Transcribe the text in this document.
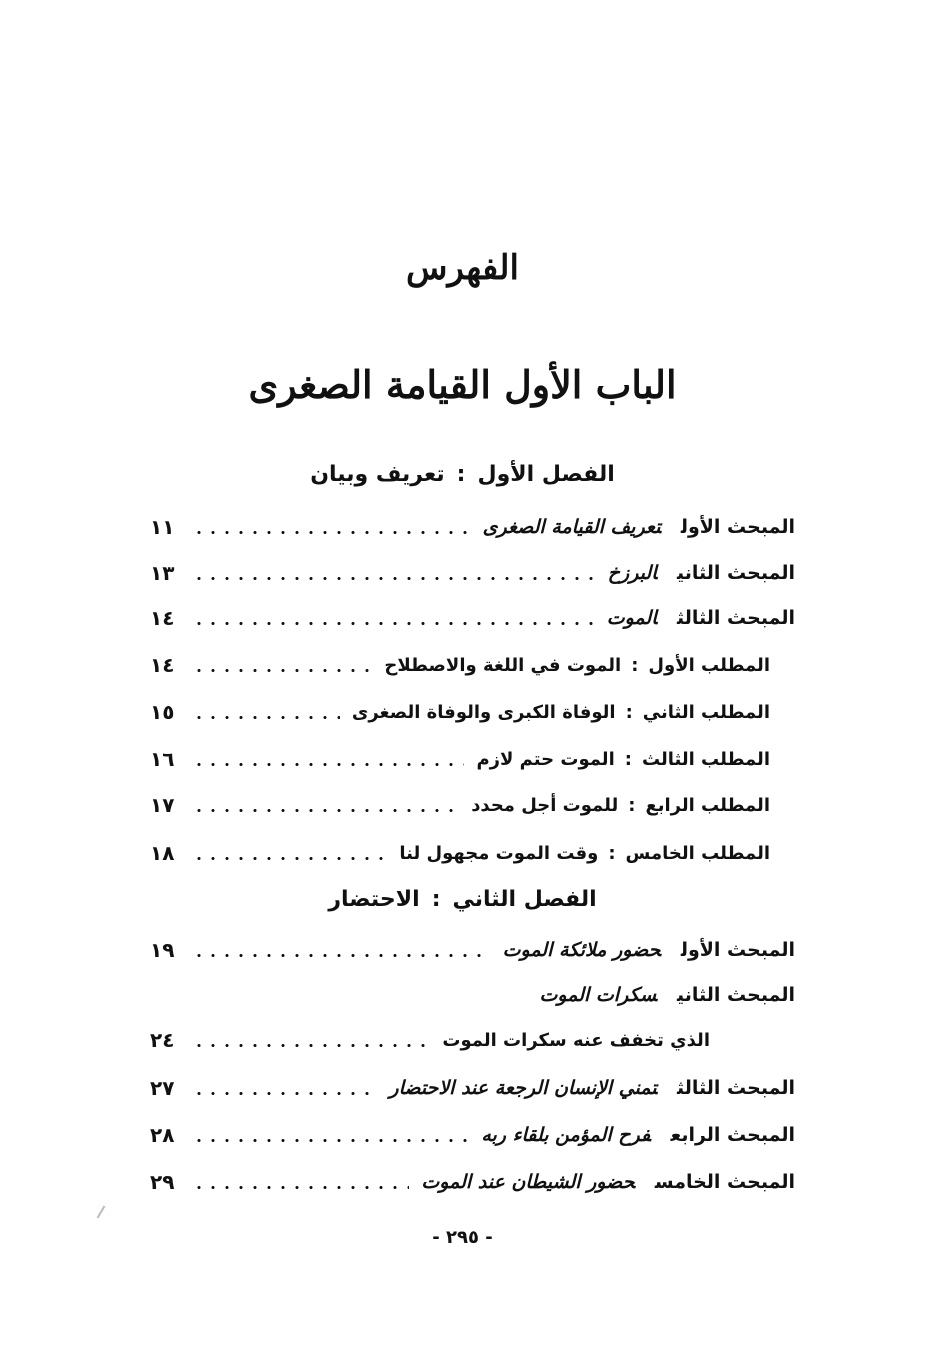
الفهرس
الباب الأول القيامة الصغرى
الفصل الأول:تعريف وبيان
المبحث الأولتعريف القيامة الصغرى
١١
المبحث الثانيالبرزخ
١٣
المبحث الثالثالموت
١٤
المطلب الأول:الموت في اللغة والاصطلاح
١٤
المطلب الثاني:الوفاة الكبرى والوفاة الصغرى
١٥
المطلب الثالث:الموت حتم لازم
١٦
المطلب الرابع:للموت أجل محدد
١٧
المطلب الخامس:وقت الموت مجهول لنا
١٨
الفصل الثاني:الاحتضار
المبحث الأولحضور ملائكة الموت
١٩
المبحث الثانيسكرات الموت
الذي تخفف عنه سكرات الموت
٢٤
المبحث الثالثتمني الإنسان الرجعة عند الاحتضار
٢٧
المبحث الرابعفرح المؤمن بلقاء ربه
٢٨
المبحث الخامسحضور الشيطان عند الموت
٢٩
- ٢٩٥ -
